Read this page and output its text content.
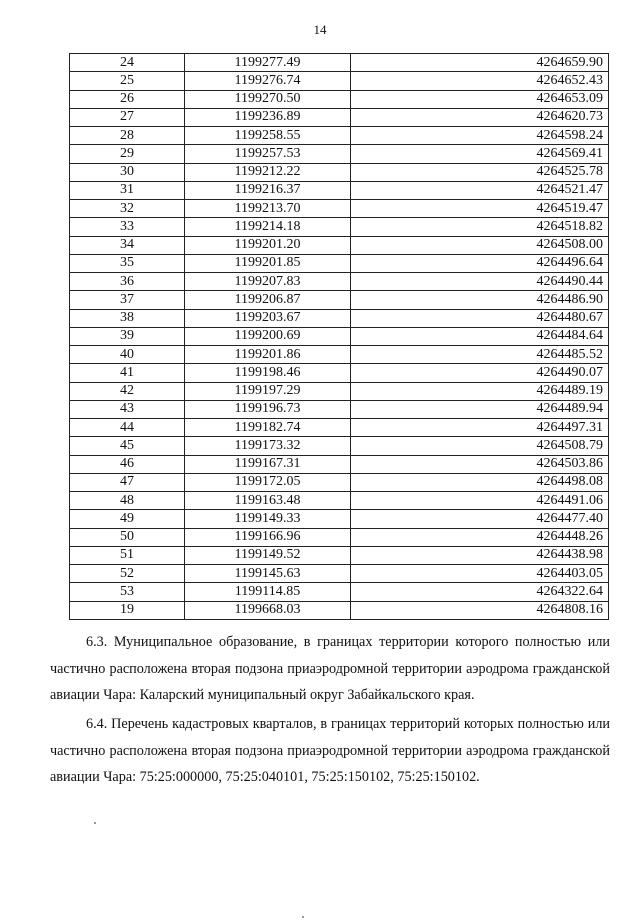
14
24	1199277.49	4264659.90
25	1199276.74	4264652.43
26	1199270.50	4264653.09
27	1199236.89	4264620.73
28	1199258.55	4264598.24
29	1199257.53	4264569.41
30	1199212.22	4264525.78
31	1199216.37	4264521.47
32	1199213.70	4264519.47
33	1199214.18	4264518.82
34	1199201.20	4264508.00
35	1199201.85	4264496.64
36	1199207.83	4264490.44
37	1199206.87	4264486.90
38	1199203.67	4264480.67
39	1199200.69	4264484.64
40	1199201.86	4264485.52
41	1199198.46	4264490.07
42	1199197.29	4264489.19
43	1199196.73	4264489.94
44	1199182.74	4264497.31
45	1199173.32	4264508.79
46	1199167.31	4264503.86
47	1199172.05	4264498.08
48	1199163.48	4264491.06
49	1199149.33	4264477.40
50	1199166.96	4264448.26
51	1199149.52	4264438.98
52	1199145.63	4264403.05
53	1199114.85	4264322.64
19	1199668.03	4264808.16
6.3. Муниципальное образование, в границах территории которого полностью или частично расположена вторая подзона приаэродромной территории аэродрома гражданской авиации Чара: Каларский муниципальный округ Забайкальского края.
6.4. Перечень кадастровых кварталов, в границах территорий которых полностью или частично расположена вторая подзона приаэродромной территории аэродрома гражданской авиации Чара: 75:25:000000, 75:25:040101, 75:25:150102, 75:25:150102.
